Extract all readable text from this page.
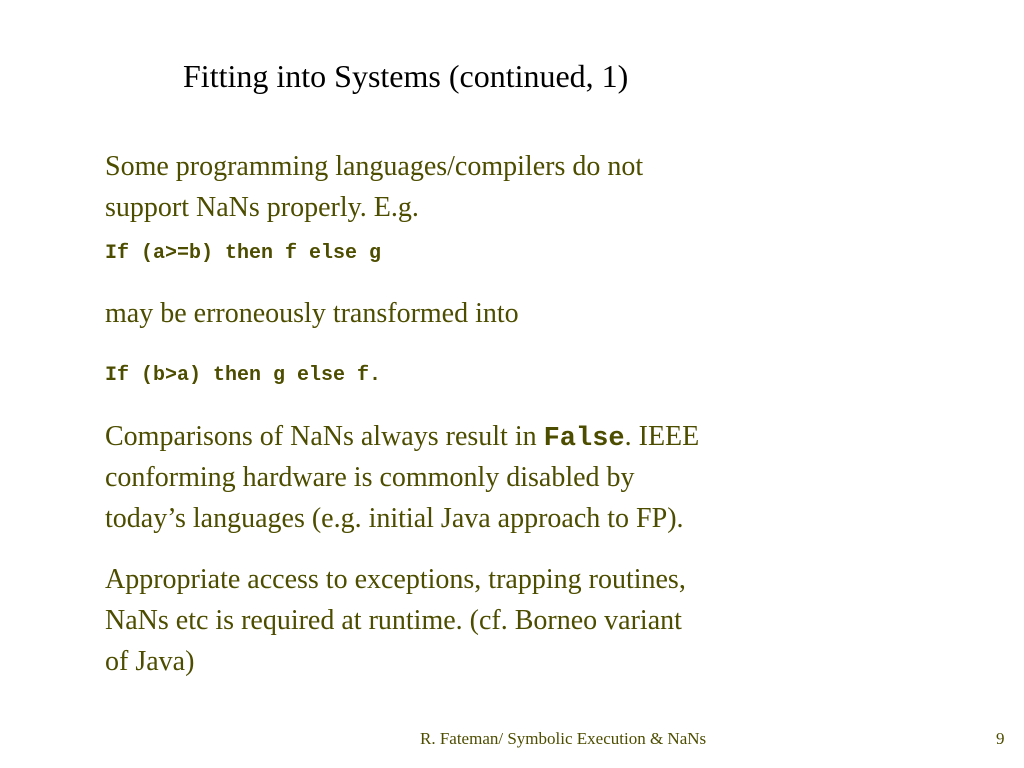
Fitting into Systems (continued, 1)

Some programming languages/compilers do not

support NaNs properly. E.g.

If (a>=b) then f else g

may be erroneously transformed into

If (b>a) then g else f.

Comparisons of NaNs always result in False. IEEE

conforming hardware is commonly disabled by

today’s languages (e.g. initial Java approach to FP).

Appropriate access to exceptions, trapping routines,

NaNs etc is required at runtime. (cf. Borneo variant

of Java)

R. Fateman/ Symbolic Execution & NaNs	9
